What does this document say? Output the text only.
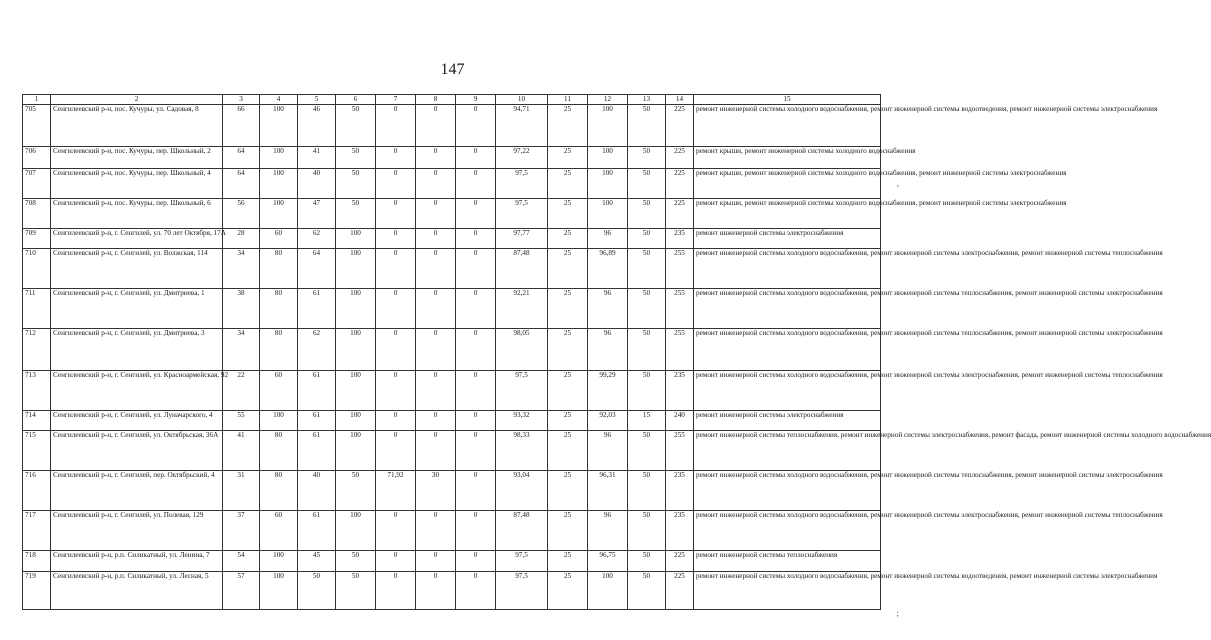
147
1	2	3	4	5	6	7	8	9	10	11	12	13	14	15
705	Сенгилеевский р-н, пос. Кучуры, ул. Садовая, 8	66	100	46	50	0	0	0	94,71	25	100	50	225	ремонт инженерной системы холодного водоснабжения, ремонт инженерной системы водоотведения, ремонт инженерной системы электроснабжения
706	Сенгилеевский р-н, пос. Кучуры, пер. Школьный, 2	64	100	41	50	0	0	0	97,22	25	100	50	225	ремонт крыши, ремонт инженерной системы холодного водоснабжения
707	Сенгилеевский р-н, пос. Кучуры, пер. Школьный, 4	64	100	40	50	0	0	0	97,5	25	100	50	225	ремонт крыши, ремонт инженерной системы холодного водоснабжения, ремонт инженерной системы электроснабжения
708	Сенгилеевский р-н, пос. Кучуры, пер. Школьный, 6	56	100	47	50	0	0	0	97,5	25	100	50	225	ремонт крыши, ремонт инженерной системы холодного водоснабжения, ремонт инженерной системы электроснабжения
709	Сенгилеевский р-н, г. Сенгилей, ул. 70 лет Октября, 17А	28	60	62	100	0	0	0	97,77	25	96	50	235	ремонт инженерной системы электроснабжения
710	Сенгилеевский р-н, г. Сенгилей, ул. Волжская, 114	34	80	64	100	0	0	0	87,48	25	96,89	50	255	ремонт инженерной системы холодного водоснабжения, ремонт инженерной системы электроснабжения, ремонт инженерной системы теплоснабжения
711	Сенгилеевский р-н, г. Сенгилей, ул. Дмитриева, 1	38	80	61	100	0	0	0	92,21	25	96	50	255	ремонт инженерной системы холодного водоснабжения, ремонт инженерной системы теплоснабжения, ремонт инженерной системы электроснабжения
712	Сенгилеевский р-н, г. Сенгилей, ул. Дмитриева, 3	34	80	62	100	0	0	0	98,05	25	96	50	255	ремонт инженерной системы холодного водоснабжения, ремонт инженерной системы теплоснабжения, ремонт инженерной системы электроснабжения
713	Сенгилеевский р-н, г. Сенгилей, ул. Красноармейская, 92	22	60	61	100	0	0	0	97,5	25	99,29	50	235	ремонт инженерной системы холодного водоснабжения, ремонт инженерной системы электроснабжения, ремонт инженерной системы теплоснабжения
714	Сенгилеевский р-н, г. Сенгилей, ул. Луначарского, 4	55	100	61	100	0	0	0	93,32	25	92,03	15	240	ремонт инженерной системы электроснабжения
715	Сенгилеевский р-н, г. Сенгилей, ул. Октябрьская, 36А	41	80	61	100	0	0	0	98,33	25	96	50	255	ремонт инженерной системы теплоснабжения, ремонт инженерной системы электроснабжения, ремонт фасада, ремонт инженерной системы холодного водоснабжения
716	Сенгилеевский р-н, г. Сенгилей, пер. Октябрьский, 4	31	80	40	50	71,92	30	0	93,04	25	96,31	50	235	ремонт инженерной системы холодного водоснабжения, ремонт инженерной системы теплоснабжения, ремонт инженерной системы электроснабжения
717	Сенгилеевский р-н, г. Сенгилей, ул. Полевая, 129	37	60	61	100	0	0	0	87,48	25	96	50	235	ремонт инженерной системы холодного водоснабжения, ремонт инженерной системы электроснабжения, ремонт инженерной системы теплоснабжения
718	Сенгилеевский р-н, р.п. Силикатный, ул. Ленина, 7	54	100	45	50	0	0	0	97,5	25	96,75	50	225	ремонт инженерной системы теплоснабжения
719	Сенгилеевский р-н, р.п. Силикатный, ул. Лесная, 5	57	100	50	50	0	0	0	97,5	25	100	50	225	ремонт инженерной системы холодного водоснабжения, ремонт инженерной системы водоотведения, ремонт инженерной системы электроснабжения
,
;
